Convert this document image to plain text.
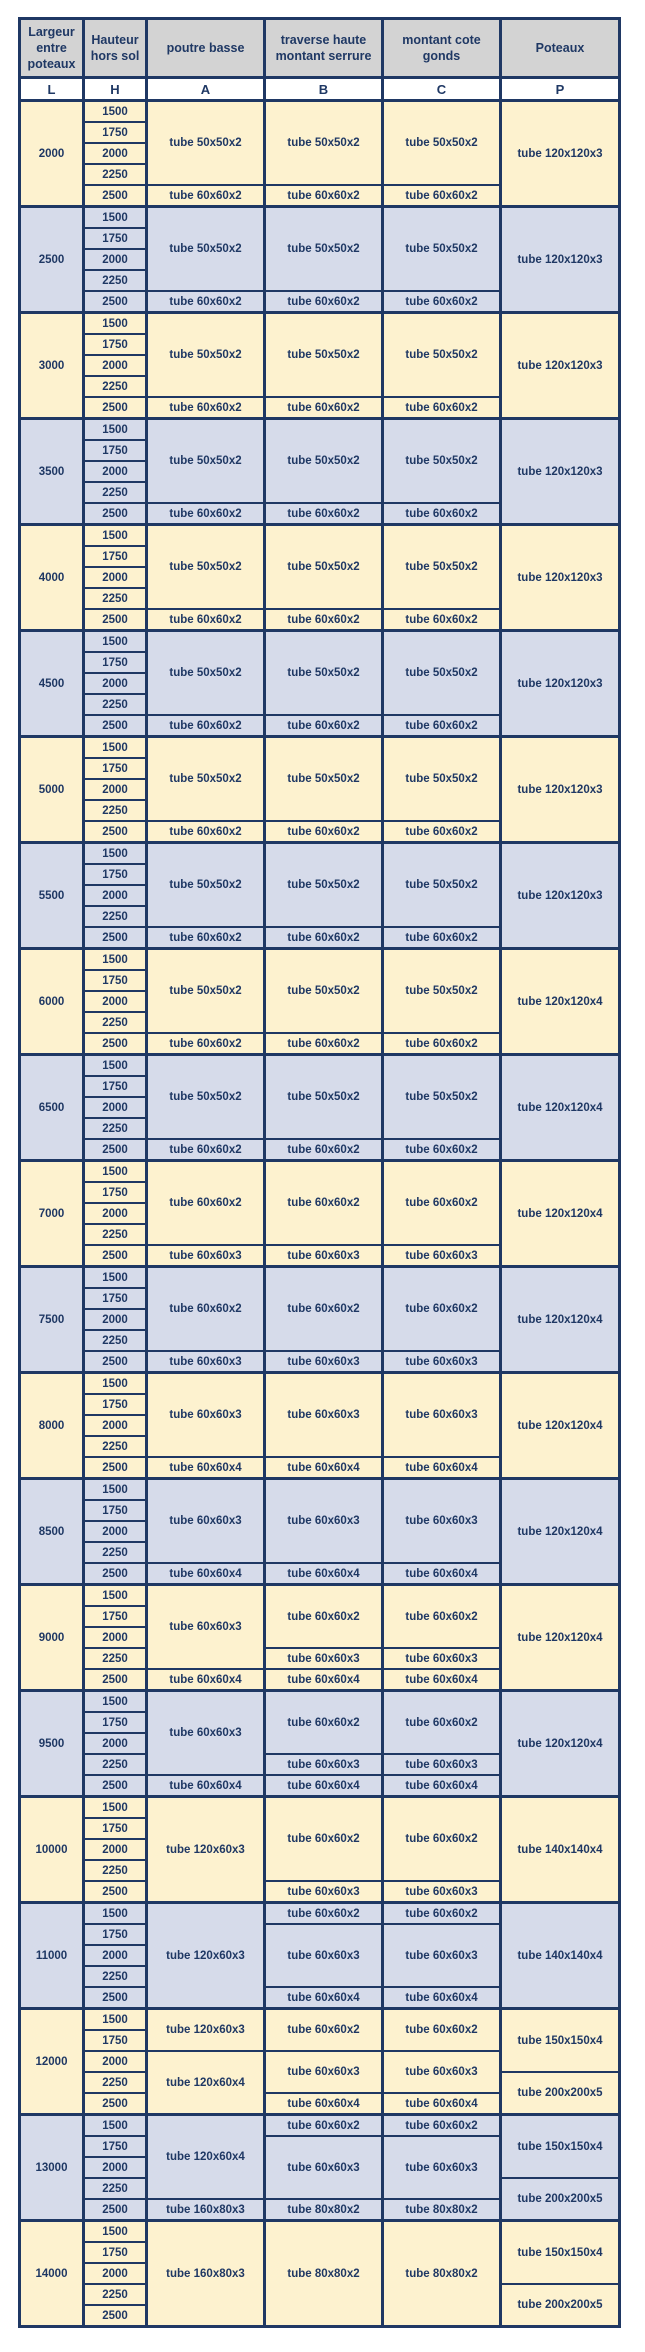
Largeur entre poteaux	Hauteur hors sol	poutre basse	traverse haute montant serrure	montant cote gonds	Poteaux
L	H	A	B	C	P
2000	1500	tube 50x50x2	tube 50x50x2	tube 50x50x2	tube 120x120x3
	1750				
	2000				
	2250				
	2500	tube 60x60x2	tube 60x60x2	tube 60x60x2	
2500	1500	tube 50x50x2	tube 50x50x2	tube 50x50x2	tube 120x120x3
	1750				
	2000				
	2250				
	2500	tube 60x60x2	tube 60x60x2	tube 60x60x2	
3000	1500	tube 50x50x2	tube 50x50x2	tube 50x50x2	tube 120x120x3
	1750				
	2000				
	2250				
	2500	tube 60x60x2	tube 60x60x2	tube 60x60x2	
3500	1500	tube 50x50x2	tube 50x50x2	tube 50x50x2	tube 120x120x3
	1750				
	2000				
	2250				
	2500	tube 60x60x2	tube 60x60x2	tube 60x60x2	
4000	1500	tube 50x50x2	tube 50x50x2	tube 50x50x2	tube 120x120x3
	1750				
	2000				
	2250				
	2500	tube 60x60x2	tube 60x60x2	tube 60x60x2	
4500	1500	tube 50x50x2	tube 50x50x2	tube 50x50x2	tube 120x120x3
	1750				
	2000				
	2250				
	2500	tube 60x60x2	tube 60x60x2	tube 60x60x2	
5000	1500	tube 50x50x2	tube 50x50x2	tube 50x50x2	tube 120x120x3
	1750				
	2000				
	2250				
	2500	tube 60x60x2	tube 60x60x2	tube 60x60x2	
5500	1500	tube 50x50x2	tube 50x50x2	tube 50x50x2	tube 120x120x3
	1750				
	2000				
	2250				
	2500	tube 60x60x2	tube 60x60x2	tube 60x60x2	
6000	1500	tube 50x50x2	tube 50x50x2	tube 50x50x2	tube 120x120x4
	1750				
	2000				
	2250				
	2500	tube 60x60x2	tube 60x60x2	tube 60x60x2	
6500	1500	tube 50x50x2	tube 50x50x2	tube 50x50x2	tube 120x120x4
	1750				
	2000				
	2250				
	2500	tube 60x60x2	tube 60x60x2	tube 60x60x2	
7000	1500	tube 60x60x2	tube 60x60x2	tube 60x60x2	tube 120x120x4
	1750				
	2000				
	2250				
	2500	tube 60x60x3	tube 60x60x3	tube 60x60x3	
7500	1500	tube 60x60x2	tube 60x60x2	tube 60x60x2	tube 120x120x4
	1750				
	2000				
	2250				
	2500	tube 60x60x3	tube 60x60x3	tube 60x60x3	
8000	1500	tube 60x60x3	tube 60x60x3	tube 60x60x3	tube 120x120x4
	1750				
	2000				
	2250				
	2500	tube 60x60x4	tube 60x60x4	tube 60x60x4	
8500	1500	tube 60x60x3	tube 60x60x3	tube 60x60x3	tube 120x120x4
	1750				
	2000				
	2250				
	2500	tube 60x60x4	tube 60x60x4	tube 60x60x4	
9000	1500	tube 60x60x3	tube 60x60x2	tube 60x60x2	tube 120x120x4
	1750				
	2000				
	2250		tube 60x60x3	tube 60x60x3	
	2500	tube 60x60x4	tube 60x60x4	tube 60x60x4	
9500	1500	tube 60x60x3	tube 60x60x2	tube 60x60x2	tube 120x120x4
	1750				
	2000				
	2250		tube 60x60x3	tube 60x60x3	
	2500	tube 60x60x4	tube 60x60x4	tube 60x60x4	
10000	1500	tube 120x60x3	tube 60x60x2	tube 60x60x2	tube 140x140x4
	1750				
	2000				
	2250				
	2500		tube 60x60x3	tube 60x60x3	
11000	1500	tube 120x60x3	tube 60x60x2	tube 60x60x2	tube 140x140x4
	1750		tube 60x60x3	tube 60x60x3	
	2000				
	2250				
	2500		tube 60x60x4	tube 60x60x4	
12000	1500	tube 120x60x3	tube 60x60x2	tube 60x60x2	tube 150x150x4
	1750				
	2000	tube 120x60x4	tube 60x60x3	tube 60x60x3	
	2250				tube 200x200x5
	2500		tube 60x60x4	tube 60x60x4	
13000	1500	tube 120x60x4	tube 60x60x2	tube 60x60x2	tube 150x150x4
	1750		tube 60x60x3	tube 60x60x3	
	2000				
	2250				tube 200x200x5
	2500	tube 160x80x3	tube 80x80x2	tube 80x80x2	
14000	1500	tube 160x80x3	tube 80x80x2	tube 80x80x2	tube 150x150x4
	1750				
	2000				
	2250				tube 200x200x5
	2500				
